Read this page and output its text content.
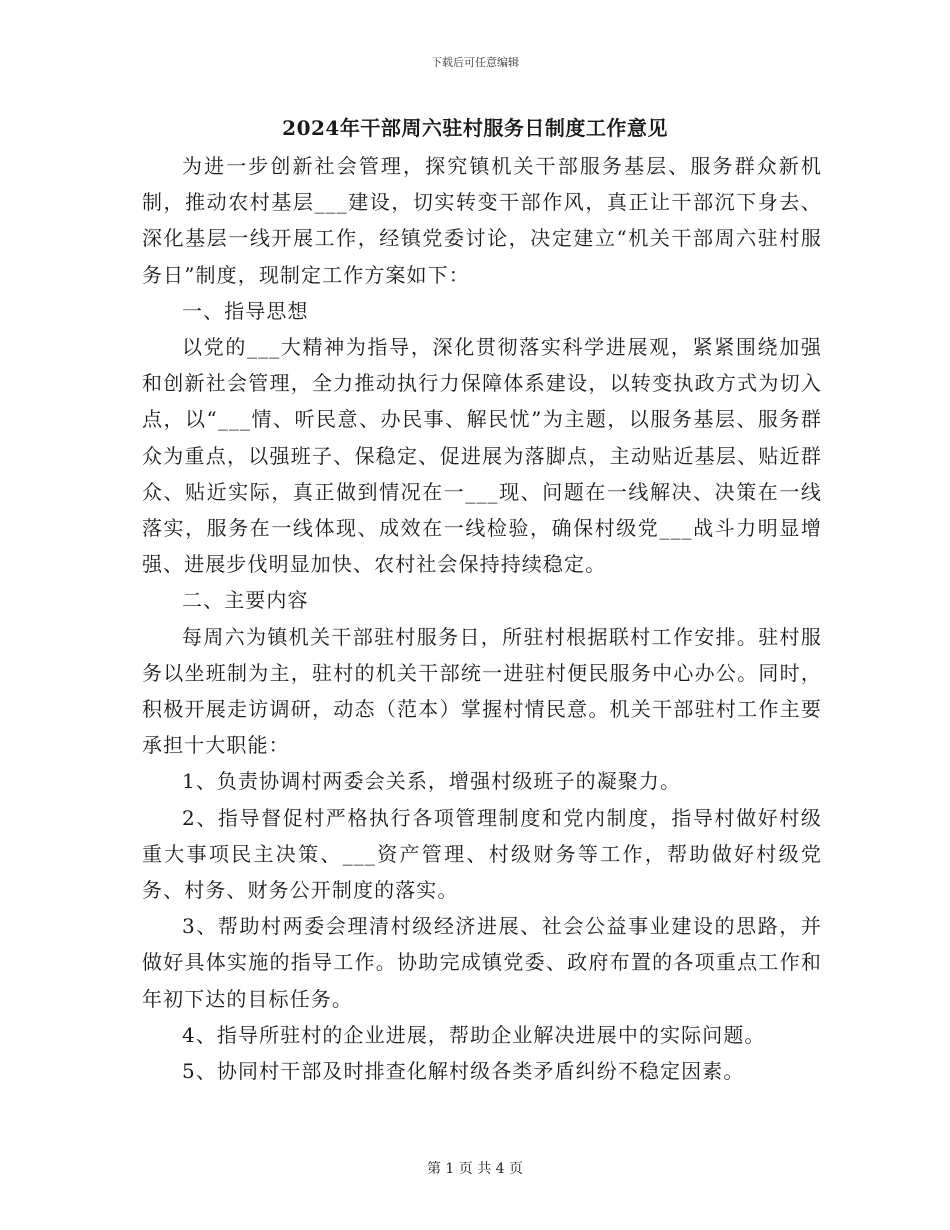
下载后可任意编辑
2024年干部周六驻村服务日制度工作意见

为进一步创新社会管理，探究镇机关干部服务基层、服务群众新机制，推动农村基层___建设，切实转变干部作风，真正让干部沉下身去、深化基层一线开展工作，经镇党委讨论，决定建立“机关干部周六驻村服务日”制度，现制定工作方案如下：

一、指导思想

以党的___大精神为指导，深化贯彻落实科学进展观，紧紧围绕加强和创新社会管理，全力推动执行力保障体系建设，以转变执政方式为切入点，以“___情、听民意、办民事、解民忧”为主题，以服务基层、服务群众为重点，以强班子、保稳定、促进展为落脚点，主动贴近基层、贴近群众、贴近实际，真正做到情况在一___现、问题在一线解决、决策在一线落实，服务在一线体现、成效在一线检验，确保村级党___战斗力明显增强、进展步伐明显加快、农村社会保持持续稳定。

二、主要内容

每周六为镇机关干部驻村服务日，所驻村根据联村工作安排。驻村服务以坐班制为主，驻村的机关干部统一进驻村便民服务中心办公。同时，积极开展走访调研，动态（范本）掌握村情民意。机关干部驻村工作主要承担十大职能：

1、负责协调村两委会关系，增强村级班子的凝聚力。

2、指导督促村严格执行各项管理制度和党内制度，指导村做好村级重大事项民主决策、___资产管理、村级财务等工作，帮助做好村级党务、村务、财务公开制度的落实。

3、帮助村两委会理清村级经济进展、社会公益事业建设的思路，并做好具体实施的指导工作。协助完成镇党委、政府布置的各项重点工作和年初下达的目标任务。

4、指导所驻村的企业进展，帮助企业解决进展中的实际问题。

5、协同村干部及时排查化解村级各类矛盾纠纷不稳定因素。

第 1 页 共 4 页
